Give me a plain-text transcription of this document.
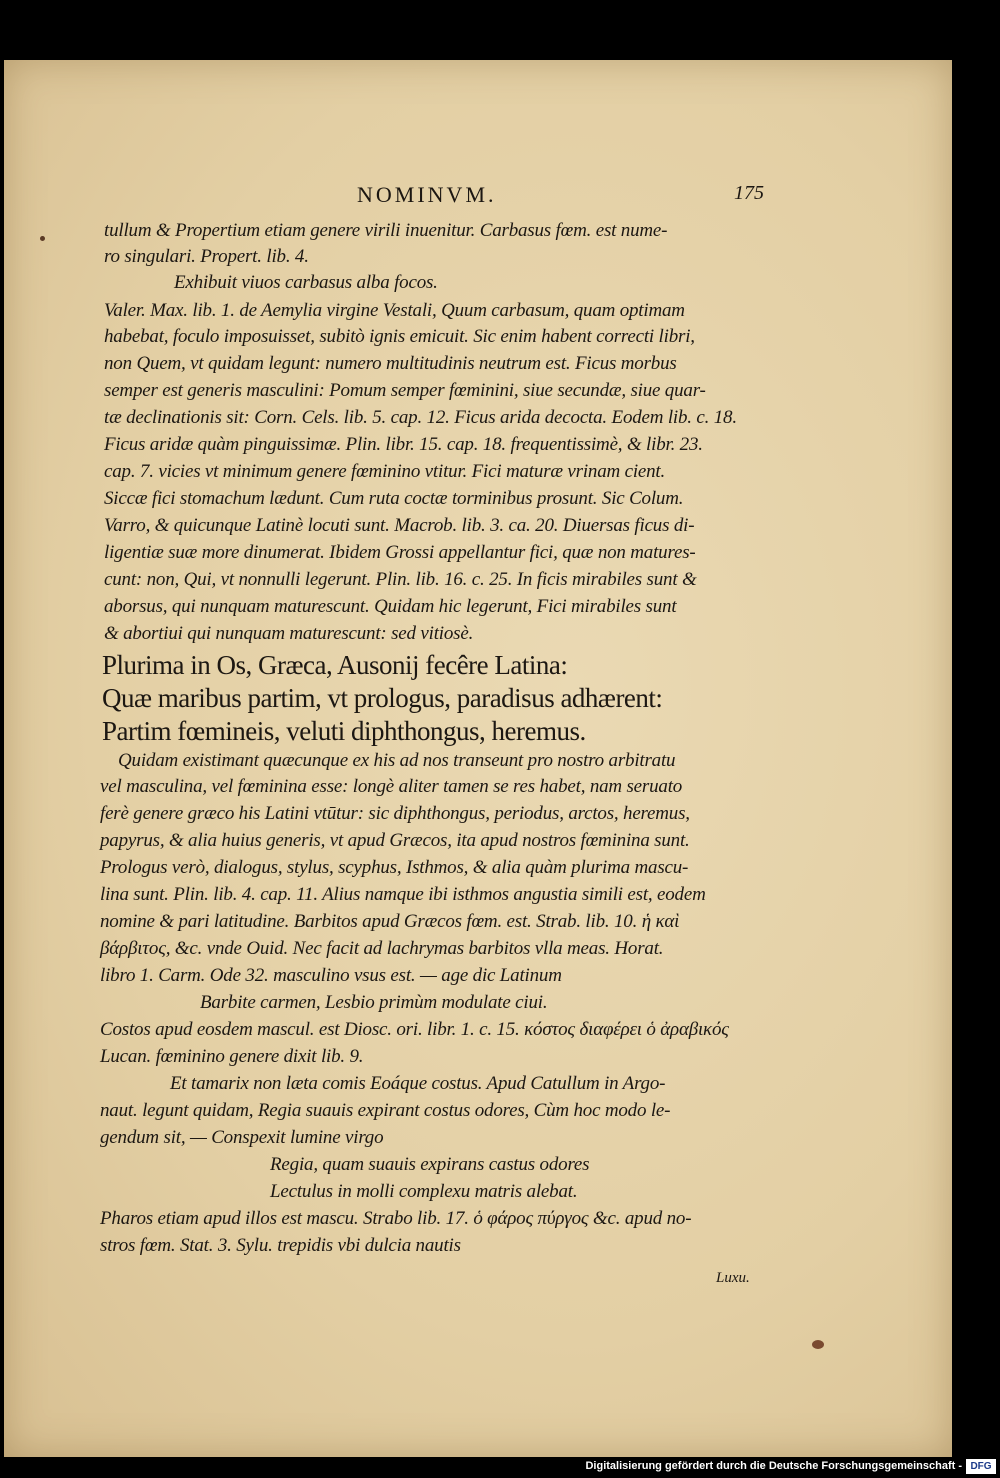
NOMINVM.	175
tullum & Propertium etiam genere virili inuenitur. Carbasus fœm. est nume-
ro singulari. Propert. lib. 4.
Exhibuit viuos carbasus alba focos.
Valer. Max. lib. 1. de Aemylia virgine Vestali, Quum carbasum, quam optimam
habebat, foculo imposuisset, subitò ignis emicuit. Sic enim habent correcti libri,
non Quem, vt quidam legunt: numero multitudinis neutrum est. Ficus morbus
semper est generis masculini: Pomum semper fœminini, siue secundæ, siue quar-
tæ declinationis sit: Corn. Cels. lib. 5. cap. 12. Ficus arida decocta. Eodem lib. c. 18.
Ficus aridæ quàm pinguissimæ. Plin. libr. 15. cap. 18. frequentissimè, & libr. 23.
cap. 7. vicies vt minimum genere fœminino vtitur. Fici maturæ vrinam cient.
Siccæ fici stomachum lædunt. Cum ruta coctæ torminibus prosunt. Sic Colum.
Varro, & quicunque Latinè locuti sunt. Macrob. lib. 3. ca. 20. Diuersas ficus di-
ligentiæ suæ more dinumerat. Ibidem Grossi appellantur fici, quæ non matures-
cunt: non, Qui, vt nonnulli legerunt. Plin. lib. 16. c. 25. In ficis mirabiles sunt &
aborsus, qui nunquam maturescunt. Quidam hic legerunt, Fici mirabiles sunt
& abortiui qui nunquam maturescunt: sed vitiosè.
Plurima in Os, Græca, Ausonij fecêre Latina:
Quæ maribus partim, vt prologus, paradisus adhærent:
Partim fœmineis, veluti diphthongus, heremus.
Quidam existimant quæcunque ex his ad nos transeunt pro nostro arbitratu
vel masculina, vel fœminina esse: longè aliter tamen se res habet, nam seruato
ferè genere græco his Latini vtūtur: sic diphthongus, periodus, arctos, heremus,
papyrus, & alia huius generis, vt apud Græcos, ita apud nostros fœminina sunt.
Prologus verò, dialogus, stylus, scyphus, Isthmos, & alia quàm plurima mascu-
lina sunt. Plin. lib. 4. cap. 11. Alius namque ibi isthmos angustia simili est, eodem
nomine & pari latitudine. Barbitos apud Græcos fœm. est. Strab. lib. 10. ἡ καὶ
βάρβιτος, &c. vnde Ouid. Nec facit ad lachrymas barbitos vlla meas. Horat.
libro 1. Carm. Ode 32. masculino vsus est. — age dic Latinum
Barbite carmen, Lesbio primùm modulate ciui.
Costos apud eosdem mascul. est Diosc. ori. libr. 1. c. 15. κόστος διαφέρει ὁ ἀραβικός
Lucan. fœminino genere dixit lib. 9.
Et tamarix non læta comis Eoáque costus. Apud Catullum in Argo-
naut. legunt quidam, Regia suauis expirant costus odores, Cùm hoc modo le-
gendum sit, — Conspexit lumine virgo
Regia, quam suauis expirans castus odores
Lectulus in molli complexu matris alebat.
Pharos etiam apud illos est mascu. Strabo lib. 17. ὁ φάρος πύργος &c. apud no-
stros fœm. Stat. 3. Sylu. trepidis vbi dulcia nautis
Luxu.
Digitalisierung gefördert durch die Deutsche Forschungsgemeinschaft - DFG
